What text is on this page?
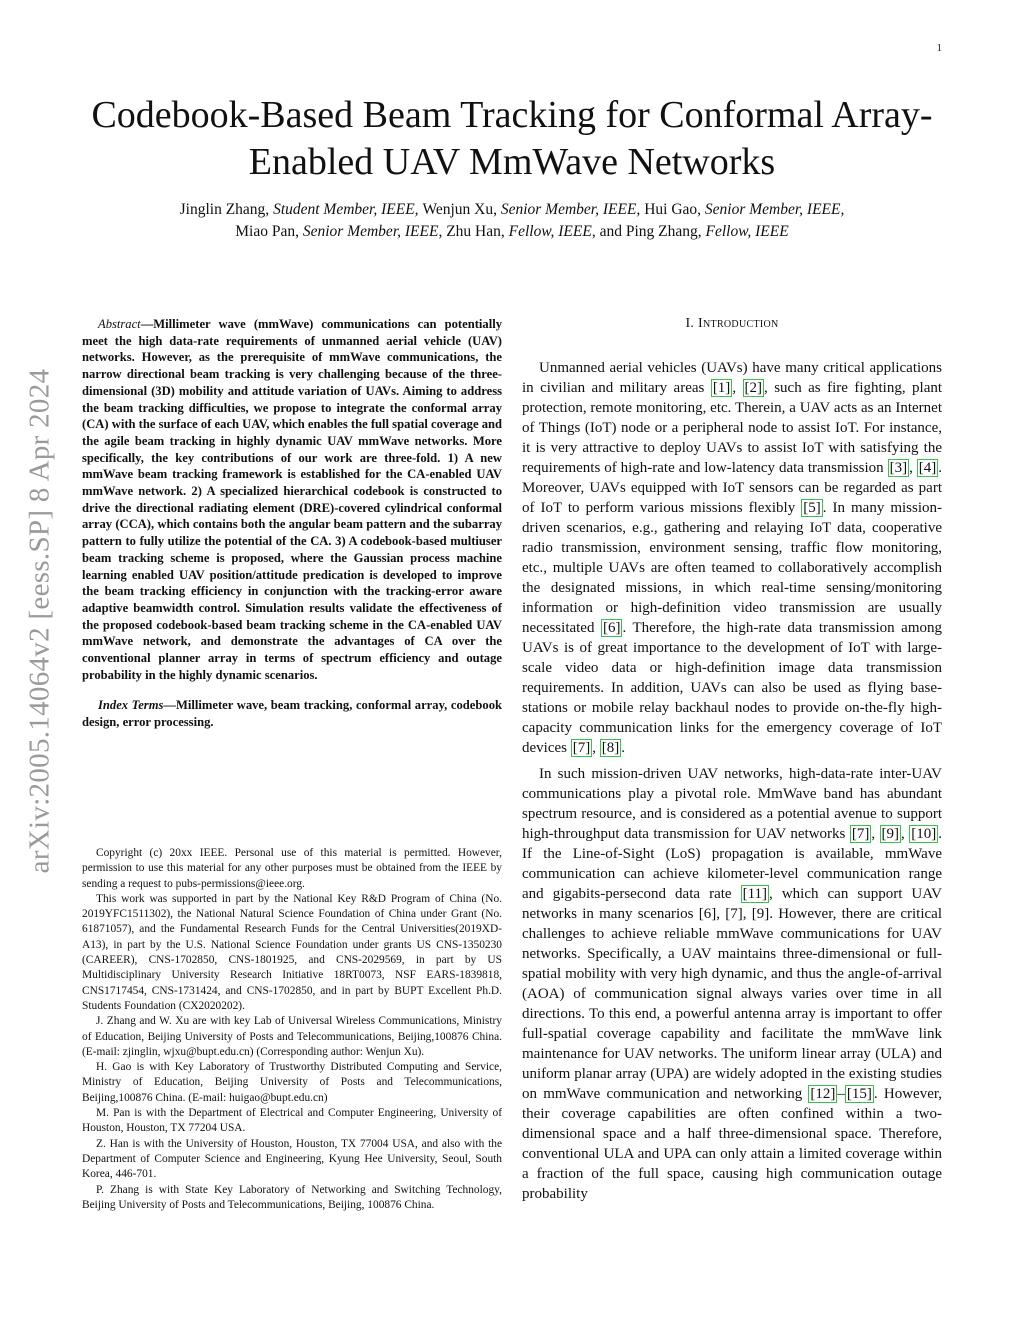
1
arXiv:2005.14064v2 [eess.SP] 8 Apr 2024
Codebook-Based Beam Tracking for Conformal Array-Enabled UAV MmWave Networks
Jinglin Zhang, Student Member, IEEE, Wenjun Xu, Senior Member, IEEE, Hui Gao, Senior Member, IEEE,
Miao Pan, Senior Member, IEEE, Zhu Han, Fellow, IEEE, and Ping Zhang, Fellow, IEEE

Abstract—Millimeter wave (mmWave) communications can potentially meet the high data-rate requirements of unmanned aerial vehicle (UAV) networks. However, as the prerequisite of mmWave communications, the narrow directional beam tracking is very challenging because of the three-dimensional (3D) mobility and attitude variation of UAVs. Aiming to address the beam tracking difficulties, we propose to integrate the conformal array (CA) with the surface of each UAV, which enables the full spatial coverage and the agile beam tracking in highly dynamic UAV mmWave networks. More specifically, the key contributions of our work are three-fold. 1) A new mmWave beam tracking framework is established for the CA-enabled UAV mmWave network. 2) A specialized hierarchical codebook is constructed to drive the directional radiating element (DRE)-covered cylindrical conformal array (CCA), which contains both the angular beam pattern and the subarray pattern to fully utilize the potential of the CA. 3) A codebook-based multiuser beam tracking scheme is proposed, where the Gaussian process machine learning enabled UAV position/attitude predication is developed to improve the beam tracking efficiency in conjunction with the tracking-error aware adaptive beamwidth control. Simulation results validate the effectiveness of the proposed codebook-based beam tracking scheme in the CA-enabled UAV mmWave network, and demonstrate the advantages of CA over the conventional planner array in terms of spectrum efficiency and outage probability in the highly dynamic scenarios.

Index Terms—Millimeter wave, beam tracking, conformal array, codebook design, error processing.

Copyright (c) 20xx IEEE. Personal use of this material is permitted. However, permission to use this material for any other purposes must be obtained from the IEEE by sending a request to pubs-permissions@ieee.org.

This work was supported in part by the National Key R&D Program of China (No. 2019YFC1511302), the National Natural Science Foundation of China under Grant (No. 61871057), and the Fundamental Research Funds for the Central Universities(2019XD-A13), in part by the U.S. National Science Foundation under grants US CNS-1350230 (CAREER), CNS-1702850, CNS-1801925, and CNS-2029569, in part by US Multidisciplinary University Research Initiative 18RT0073, NSF EARS-1839818, CNS1717454, CNS-1731424, and CNS-1702850, and in part by BUPT Excellent Ph.D. Students Foundation (CX2020202).

J. Zhang and W. Xu are with key Lab of Universal Wireless Communications, Ministry of Education, Beijing University of Posts and Telecommunications, Beijing,100876 China. (E-mail: zjinglin, wjxu@bupt.edu.cn) (Corresponding author: Wenjun Xu).

H. Gao is with Key Laboratory of Trustworthy Distributed Computing and Service, Ministry of Education, Beijing University of Posts and Telecommunications, Beijing,100876 China. (E-mail: huigao@bupt.edu.cn)

M. Pan is with the Department of Electrical and Computer Engineering, University of Houston, Houston, TX 77204 USA.

Z. Han is with the University of Houston, Houston, TX 77004 USA, and also with the Department of Computer Science and Engineering, Kyung Hee University, Seoul, South Korea, 446-701.

P. Zhang is with State Key Laboratory of Networking and Switching Technology, Beijing University of Posts and Telecommunications, Beijing, 100876 China.

I. Introduction

Unmanned aerial vehicles (UAVs) have many critical applications in civilian and military areas [1] , [2] , such as fire fighting, plant protection, remote monitoring, etc. Therein, a UAV acts as an Internet of Things (IoT) node or a peripheral node to assist IoT. For instance, it is very attractive to deploy UAVs to assist IoT with satisfying the requirements of high-rate and low-latency data transmission [3] , [4] . Moreover, UAVs equipped with IoT sensors can be regarded as part of IoT to perform various missions flexibly [5] . In many mission-driven scenarios, e.g., gathering and relaying IoT data, cooperative radio transmission, environment sensing, traffic flow monitoring, etc., multiple UAVs are often teamed to collaboratively accomplish the designated missions, in which real-time sensing/monitoring information or high-definition video transmission are usually necessitated [6] . Therefore, the high-rate data transmission among UAVs is of great importance to the development of IoT with large-scale video data or high-definition image data transmission requirements. In addition, UAVs can also be used as flying base-stations or mobile relay backhaul nodes to provide on-the-fly high-capacity communication links for the emergency coverage of IoT devices [7] , [8] .

In such mission-driven UAV networks, high-data-rate inter-UAV communications play a pivotal role. MmWave band has abundant spectrum resource, and is considered as a potential avenue to support high-throughput data transmission for UAV networks [7] , [9] , [10] . If the Line-of-Sight (LoS) propagation is available, mmWave communication can achieve kilometer-level communication range and gigabits-persecond data rate [11] , which can support UAV networks in many scenarios [6], [7], [9]. However, there are critical challenges to achieve reliable mmWave communications for UAV networks. Specifically, a UAV maintains three-dimensional or full-spatial mobility with very high dynamic, and thus the angle-of-arrival (AOA) of communication signal always varies over time in all directions. To this end, a powerful antenna array is important to offer full-spatial coverage capability and facilitate the mmWave link maintenance for UAV networks. The uniform linear array (ULA) and uniform planar array (UPA) are widely adopted in the existing studies on mmWave communication and networking [12] – [15] . However, their coverage capabilities are often confined within a two-dimensional space and a half three-dimensional space. Therefore, conventional ULA and UPA can only attain a limited coverage within a fraction of the full space, causing high communication outage probability
